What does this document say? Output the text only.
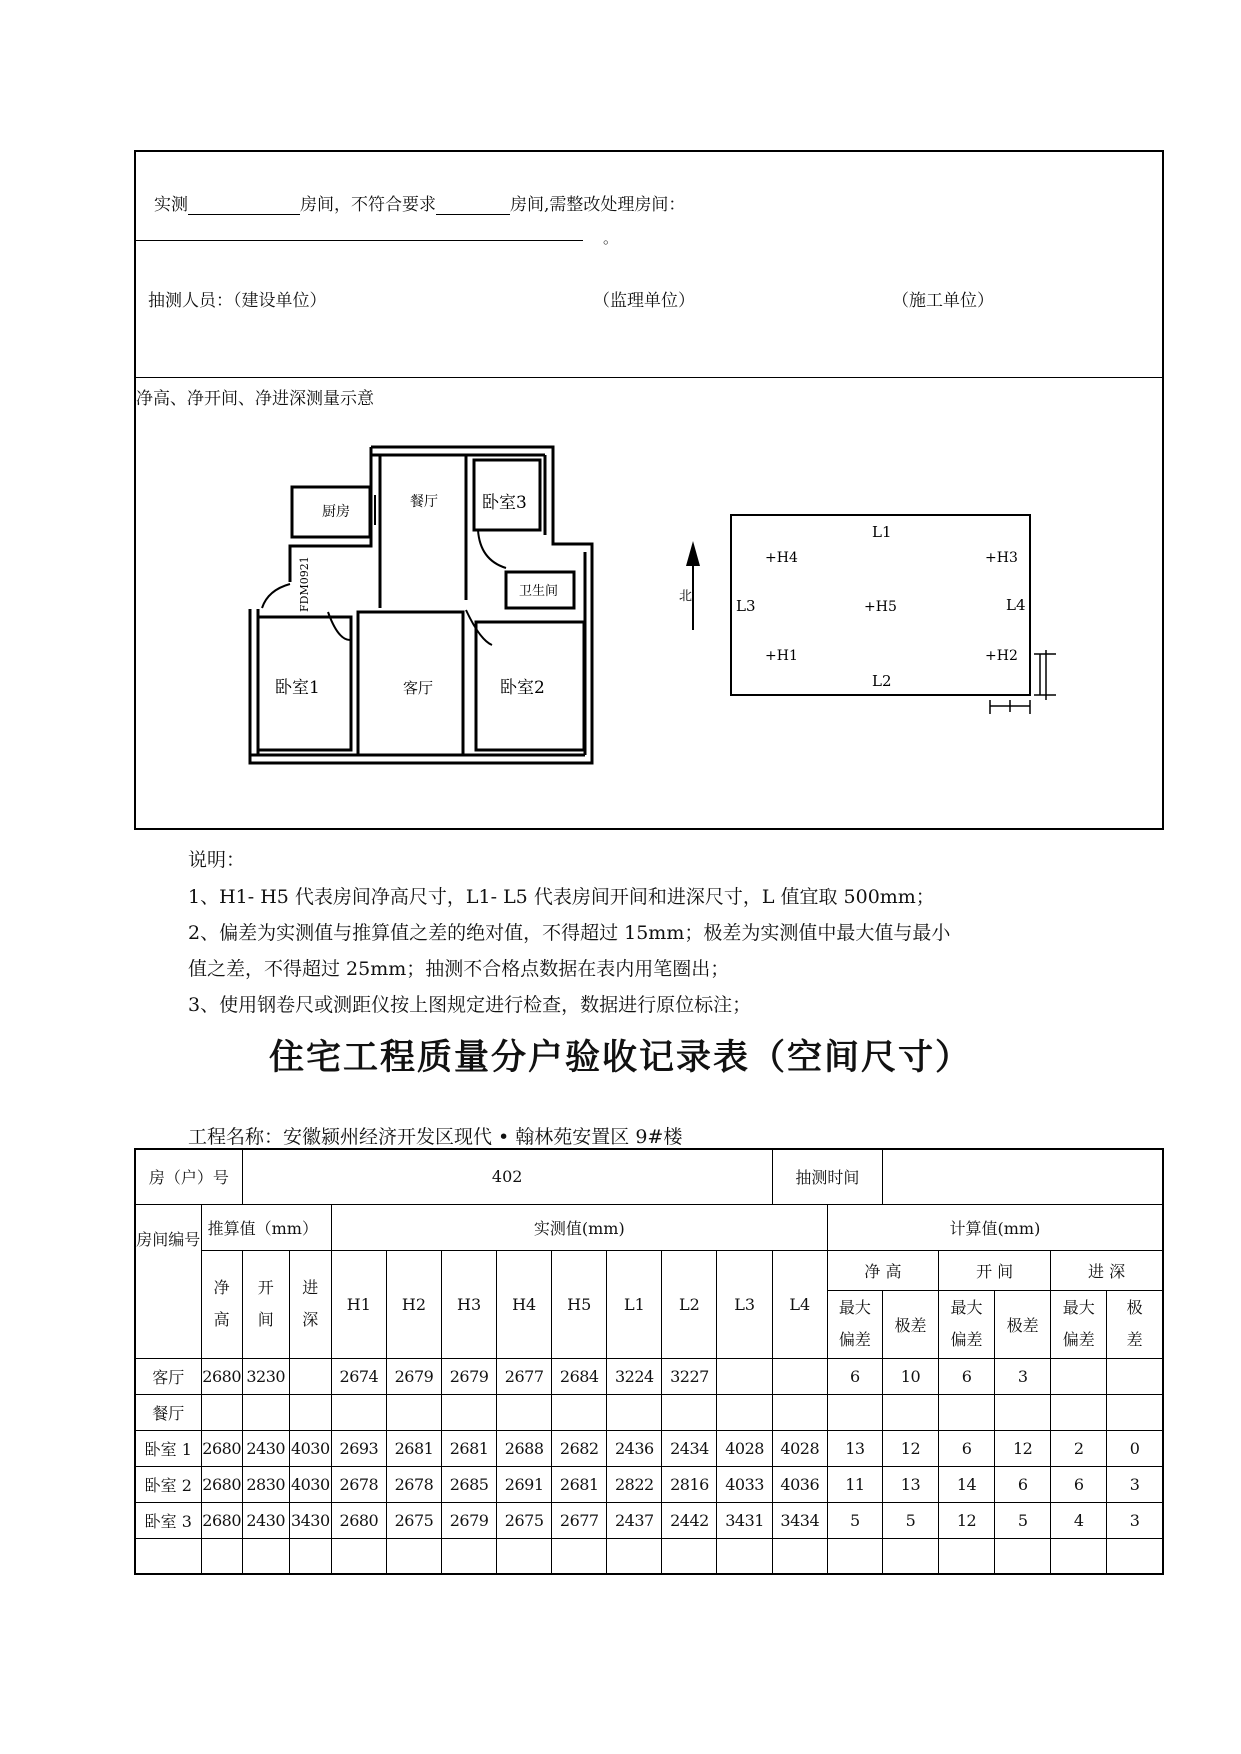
实测	房间，不符合要求	房间,需整改处理房间：
。
抽测人员：（建设单位）	（监理单位）	（施工单位）
净高、净开间、净进深测量示意
厨房
餐厅	卧室3
卫生间
卧室1	客厅	卧室2
FDM0921	北
L1
L2
L3	L4
+H4	+H3
+H5
+H1	+H2
说明：
1、H1- H5 代表房间净高尺寸，L1- L5 代表房间开间和进深尺寸，L 值宜取 500mm；
2、偏差为实测值与推算值之差的绝对值，不得超过 15mm；极差为实测值中最大值与最小
值之差，不得超过 25mm；抽测不合格点数据在表内用笔圈出；
3、使用钢卷尺或测距仪按上图规定进行检查，数据进行原位标注；
住宅工程质量分户验收记录表（空间尺寸）
工程名称：安徽颍州经济开发区现代 • 翰林苑安置区 9#楼
房（户）号		402										抽测时间						
房间编号	推算值（mm）			实测值(mm)									计算值(mm)					
	净高	开间	进深	H1	H2	H3	H4	H5	L1	L2	L3	L4	净 高		开 间		进 深	
													最大偏差	极差	最大偏差	极差	最大偏差	极差
客厅	2680	3230		2674	2679	2679	2677	2684	3224	3227			6	10	6	3		
餐厅																		
卧室 1	2680	2430	4030	2693	2681	2681	2688	2682	2436	2434	4028	4028	13	12	6	12	2	0
卧室 2	2680	2830	4030	2678	2678	2685	2691	2681	2822	2816	4033	4036	11	13	14	6	6	3
卧室 3	2680	2430	3430	2680	2675	2679	2675	2677	2437	2442	3431	3434	5	5	12	5	4	3
